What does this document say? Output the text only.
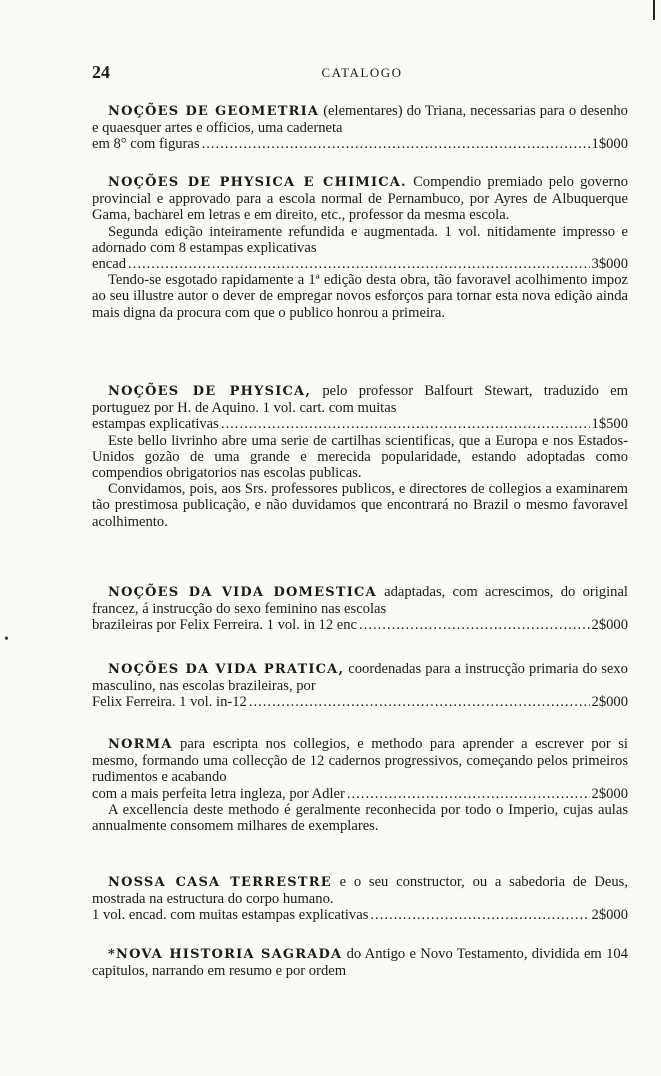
24	CATALOGO

NOÇÕES DE GEOMETRIA (elementares) do Triana, necessarias para o desenho e quaesquer artes e officios, uma caderneta

em 8° com figuras .....	1$000

NOÇÕES DE PHYSICA E CHIMICA. Compendio premiado pelo governo provincial e approvado para a escola normal de Pernambuco, por Ayres de Albuquerque Gama, bacharel em letras e em direito, etc., professor da mesma escola.

Segunda edição inteiramente refundida e augmentada. 1 vol. nitidamente impresso e adornado com 8 estampas explicativas

encad .....	3$000

Tendo-se esgotado rapidamente a 1ª edição desta obra, tão favoravel acolhimento impoz ao seu illustre autor o dever de empregar novos esforços para tornar esta nova edição ainda mais digna da procura com que o publico honrou a primeira.

NOÇÕES DE PHYSICA, pelo professor Balfourt Stewart, traduzido em portuguez por H. de Aquino. 1 vol. cart. com muitas

estampas explicativas .....	1$500

Este bello livrinho abre uma serie de cartilhas scientificas, que a Europa e nos Estados-Unidos gozão de uma grande e merecida popularidade, estando adoptadas como compendios obrigatorios nas escolas publicas.

Convidamos, pois, aos Srs. professores publicos, e directores de collegios a examinarem tão prestimosa publicação, e não duvidamos que encontrará no Brazil o mesmo favoravel acolhimento.

NOÇÕES DA VIDA DOMESTICA adaptadas, com acrescimos, do original francez, á instrucção do sexo feminino nas escolas

brazileiras por Felix Ferreira. 1 vol. in 12 enc .....	2$000

NOÇÕES DA VIDA PRATICA, coordenadas para a instrucção primaria do sexo masculino, nas escolas brazileiras, por

Felix Ferreira. 1 vol. in-12 .....	2$000

NORMA para escripta nos collegios, e methodo para aprender a escrever por si mesmo, formando uma collecção de 12 cadernos progressivos, começando pelos primeiros rudimentos e acabando

com a mais perfeita letra ingleza, por Adler .....	2$000

A excellencia deste methodo é geralmente reconhecida por todo o Imperio, cujas aulas annualmente consomem milhares de exemplares.

NOSSA CASA TERRESTRE e o seu constructor, ou a sabedoria de Deus, mostrada na estructura do corpo humano.

1 vol. encad. com muitas estampas explicativas .....	2$000

*NOVA HISTORIA SAGRADA do Antigo e Novo Testamento, dividida em 104 capitulos, narrando em resumo e por ordem

•
